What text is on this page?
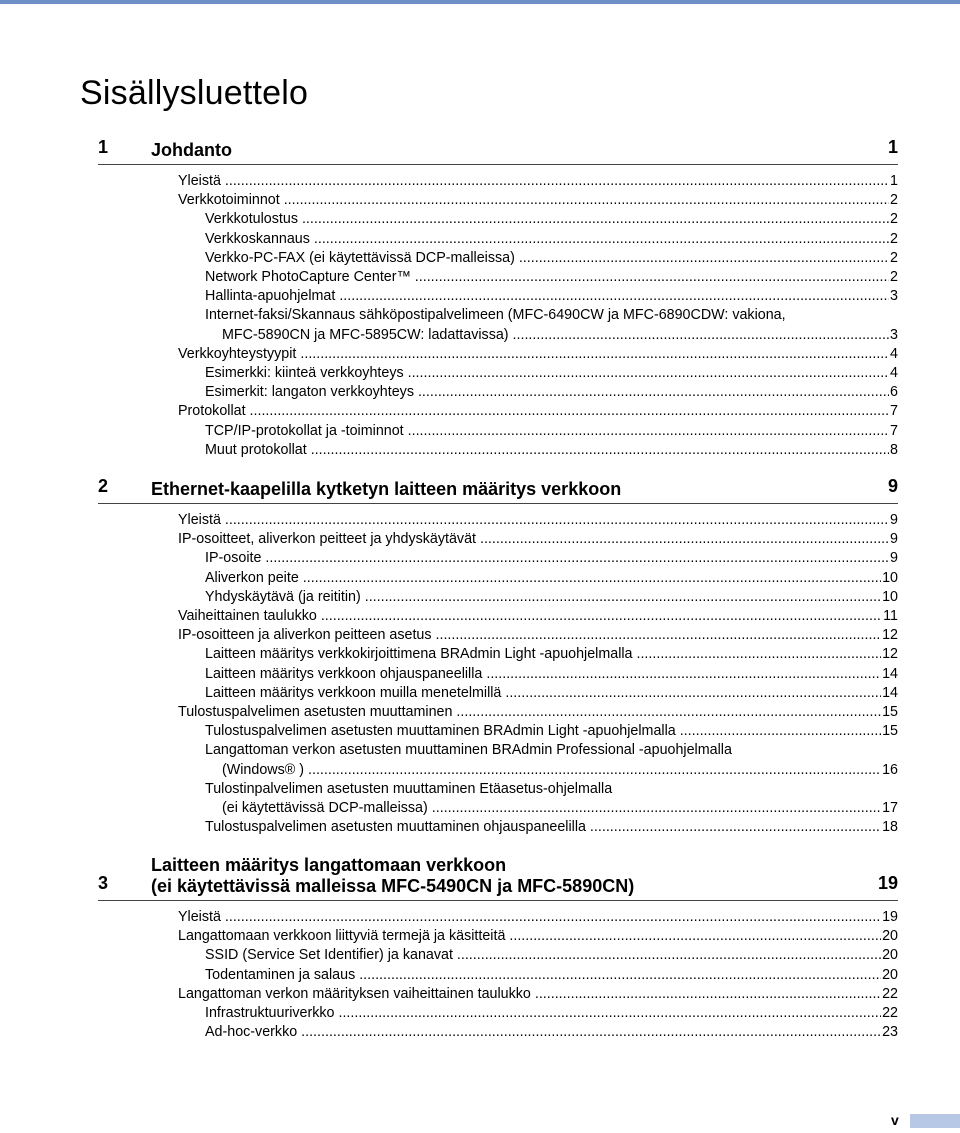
Sisällysluettelo
1 Johdanto	1
Yleistä .....	1
Verkkotoiminnot .....	2
Verkkotulostus .....	2
Verkkoskannaus .....	2
Verkko-PC-FAX (ei käytettävissä DCP-malleissa) .....	2
Network PhotoCapture Center™ .....	2
Hallinta-apuohjelmat .....	3
Internet-faksi/Skannaus sähköpostipalvelimeen (MFC-6490CW ja MFC-6890CDW: vakiona,
MFC-5890CN ja MFC-5895CW: ladattavissa) .....	3
Verkkoyhteystyypit .....	4
Esimerkki: kiinteä verkkoyhteys .....	4
Esimerkit: langaton verkkoyhteys .....	6
Protokollat .....	7
TCP/IP-protokollat ja -toiminnot .....	7
Muut protokollat .....	8
2 Ethernet-kaapelilla kytketyn laitteen määritys verkkoon	9
Yleistä .....	9
IP-osoitteet, aliverkon peitteet ja yhdyskäytävät .....	9
IP-osoite .....	9
Aliverkon peite .....	10
Yhdyskäytävä (ja reititin) .....	10
Vaiheittainen taulukko .....	11
IP-osoitteen ja aliverkon peitteen asetus .....	12
Laitteen määritys verkkokirjoittimena BRAdmin Light -apuohjelmalla .....	12
Laitteen määritys verkkoon ohjauspaneelilla .....	14
Laitteen määritys verkkoon muilla menetelmillä .....	14
Tulostuspalvelimen asetusten muuttaminen .....	15
Tulostuspalvelimen asetusten muuttaminen BRAdmin Light -apuohjelmalla .....	15
Langattoman verkon asetusten muuttaminen BRAdmin Professional -apuohjelmalla
(Windows® ) .....	16
Tulostinpalvelimen asetusten muuttaminen Etäasetus-ohjelmalla
(ei käytettävissä DCP-malleissa) .....	17
Tulostuspalvelimen asetusten muuttaminen ohjauspaneelilla .....	18
3
Laitteen määritys langattomaan verkkoon
(ei käytettävissä malleissa MFC-5490CN ja MFC-5890CN)	19
Yleistä .....	19
Langattomaan verkkoon liittyviä termejä ja käsitteitä .....	20
SSID (Service Set Identifier) ja kanavat .....	20
Todentaminen ja salaus .....	20
Langattoman verkon määrityksen vaiheittainen taulukko .....	22
Infrastruktuuriverkko .....	22
Ad-hoc-verkko .....	23
v
